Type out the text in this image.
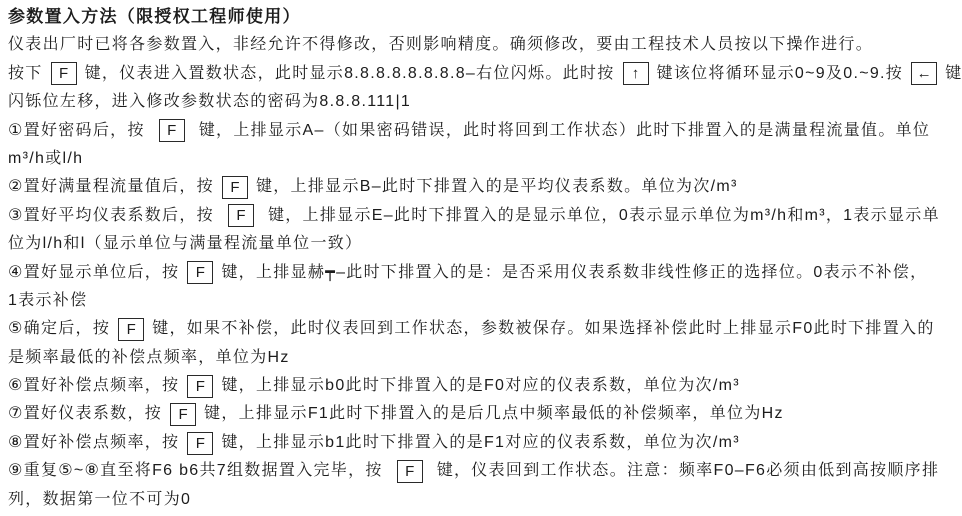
参数置入方法（限授权工程师使用）
仪表出厂时已将各参数置入，非经允许不得修改，否则影响精度。确须修改，要由工程技术人员按以下操作进行。
按下	F	键，仪表进入置数状态，此时显示8.8.8.8.8.8.8.8–右位闪烁。此时按	↑	键该位将循环显示0~9及0.~9.按 ← 键
闪铄位左移，进入修改参数状态的密码为8.8.8.111|1
①置好密码后，按	F	键，上排显示A–（如果密码错误，此时将回到工作状态）此时下排置入的是满量程流量值。单位
m³/h或l/h
②置好满量程流量值后，按	F	键，上排显示B–此时下排置入的是平均仪表系数。单位为次/m³
③置好平均仪表系数后，按	F	键，上排显示E–此时下排置入的是显示单位，0表示显示单位为m³/h和m³，1表示显示单
位为l/h和l（显示单位与满量程流量单位一致）
④置好显示单位后，按	F	键，上排显赫┯–此时下排置入的是：是否采用仪表系数非线性修正的选择位。0表示不补偿，
1表示补偿
⑤确定后，按	F	键，如果不补偿，此时仪表回到工作状态，参数被保存。如果选择补偿此时上排显示F0此时下排置入的
是频率最低的补偿点频率，单位为Hz
⑥置好补偿点频率，按	F	键，上排显示b0此时下排置入的是F0对应的仪表系数，单位为次/m³
⑦置好仪表系数，按	F	键，上排显示F1此时下排置入的是后几点中频率最低的补偿频率，单位为Hz
⑧置好补偿点频率，按	F	键，上排显示b1此时下排置入的是F1对应的仪表系数，单位为次/m³
⑨重复⑤~⑧直至将F6 b6共7组数据置入完毕，按	F	键，仪表回到工作状态。注意：频率F0–F6必须由低到高按顺序排
列，数据第一位不可为0
